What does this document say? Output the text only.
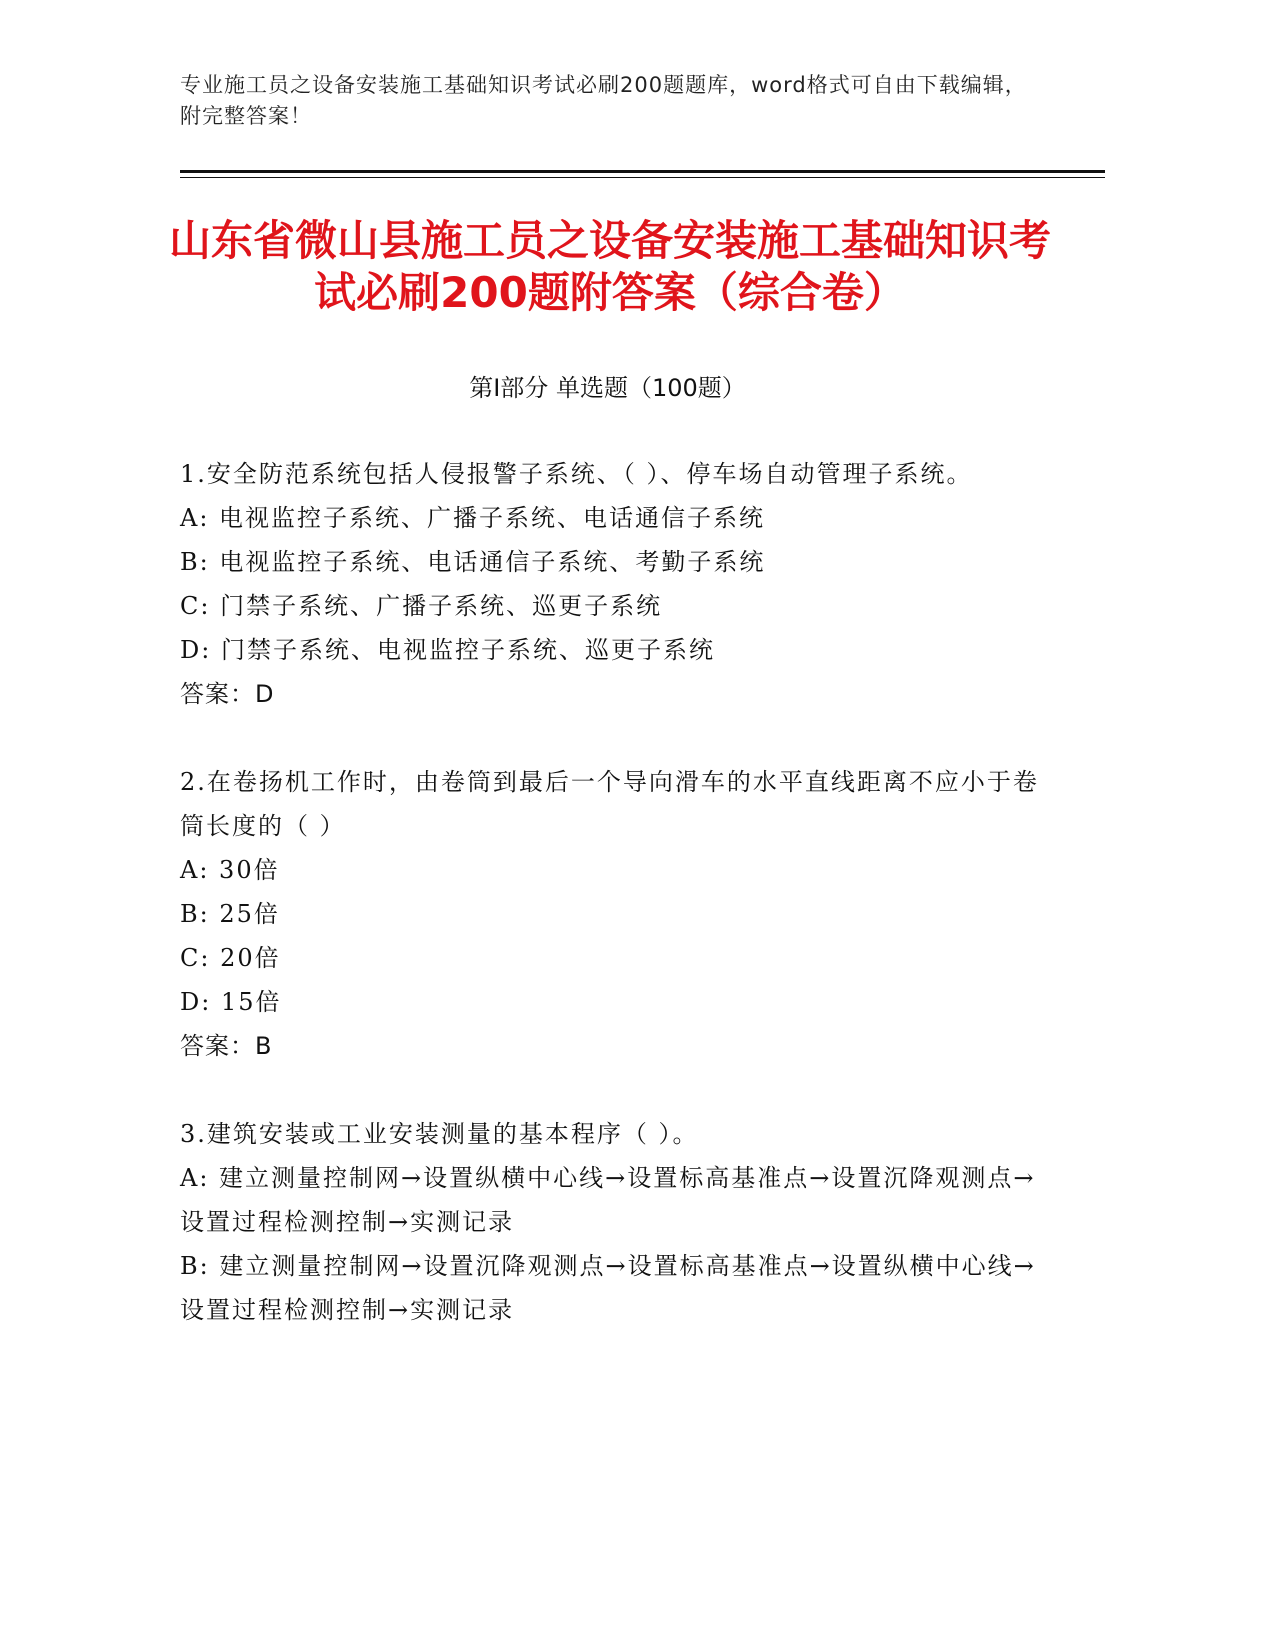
专业施工员之设备安装施工基础知识考试必刷200题题库，word格式可自由下载编辑，附完整答案！
山东省微山县施工员之设备安装施工基础知识考试必刷200题附答案（综合卷）
第Ⅰ部分 单选题（100题）

1.安全防范系统包括人侵报警子系统、（ ）、停车场自动管理子系统。

A: 电视监控子系统、广播子系统、电话通信子系统

B: 电视监控子系统、电话通信子系统、考勤子系统

C: 门禁子系统、广播子系统、巡更子系统

D: 门禁子系统、电视监控子系统、巡更子系统

答案：D

2.在卷扬机工作时，由卷筒到最后一个导向滑车的水平直线距离不应小于卷筒长度的（ ）

A: 30倍

B: 25倍

C: 20倍

D: 15倍

答案：B

3.建筑安装或工业安装测量的基本程序（ ）。

A: 建立测量控制网→设置纵横中心线→设置标高基准点→设置沉降观测点→设置过程检测控制→实测记录

B: 建立测量控制网→设置沉降观测点→设置标高基准点→设置纵横中心线→设置过程检测控制→实测记录
